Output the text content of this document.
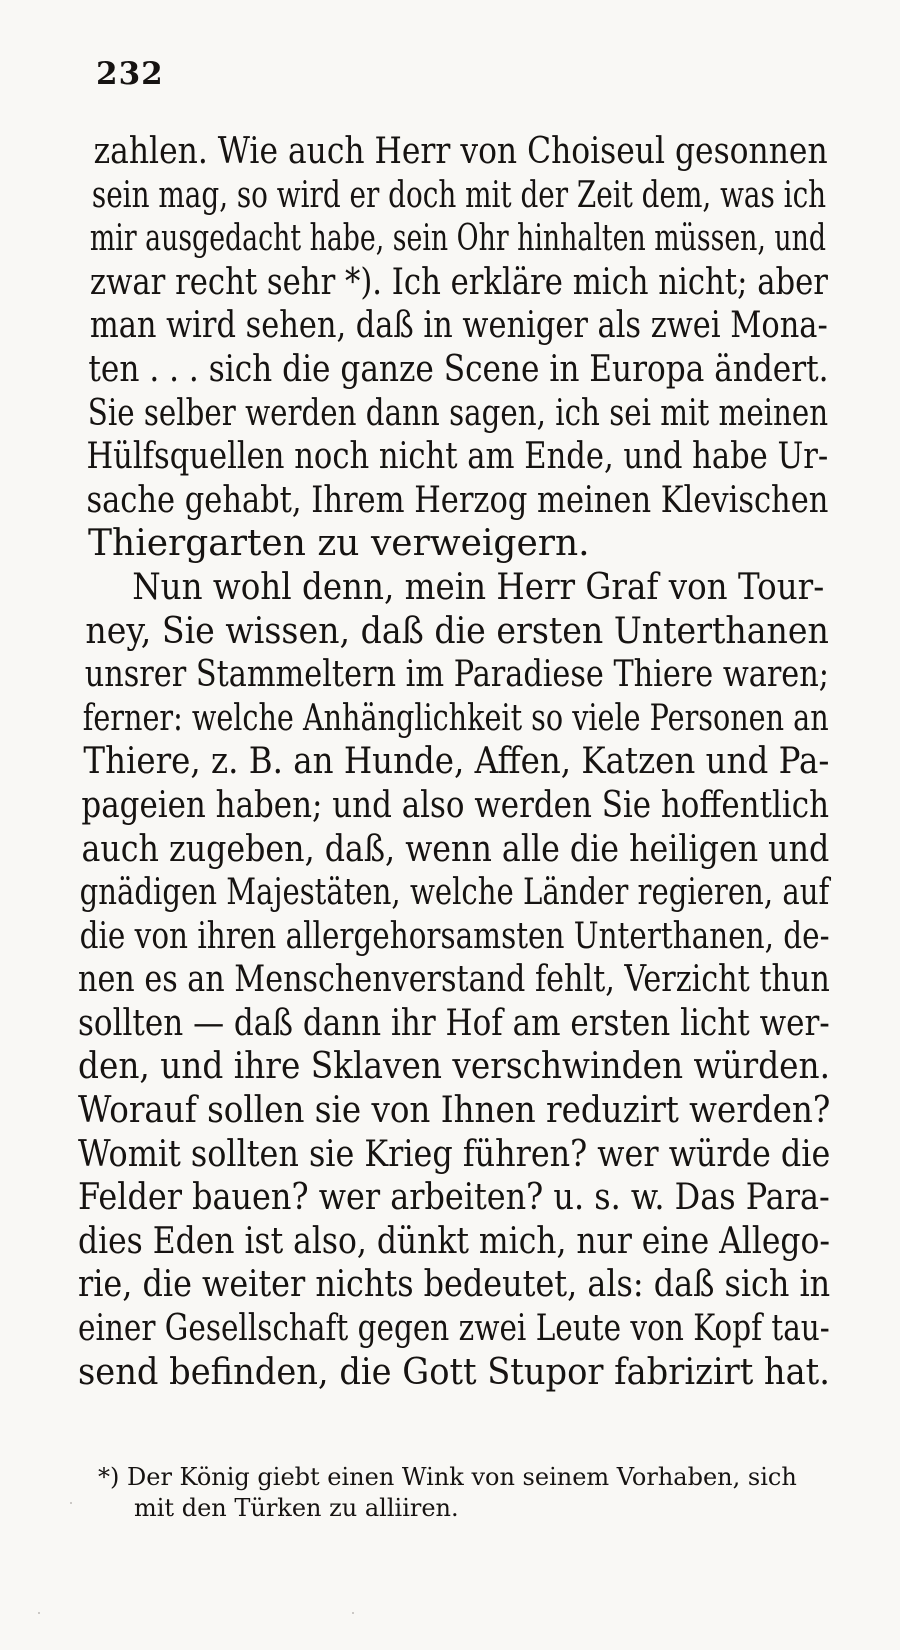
232
zahlen. Wie auch Herr von Choiseul gesonnen
sein mag, so wird er doch mit der Zeit dem, was ich
mir ausgedacht habe, sein Ohr hinhalten müssen, und
zwar recht sehr *). Ich erkläre mich nicht; aber
man wird sehen, daß in weniger als zwei Mona-
ten . . . sich die ganze Scene in Europa ändert.
Sie selber werden dann sagen, ich sei mit meinen
Hülfsquellen noch nicht am Ende, und habe Ur-
sache gehabt, Ihrem Herzog meinen Klevischen
Thiergarten zu verweigern.
Nun wohl denn, mein Herr Graf von Tour-
ney, Sie wissen, daß die ersten Unterthanen
unsrer Stammeltern im Paradiese Thiere waren;
ferner: welche Anhänglichkeit so viele Personen an
Thiere, z. B. an Hunde, Affen, Katzen und Pa-
pageien haben; und also werden Sie hoffentlich
auch zugeben, daß, wenn alle die heiligen und
gnädigen Majestäten, welche Länder regieren, auf
die von ihren allergehorsamsten Unterthanen, de-
nen es an Menschenverstand fehlt, Verzicht thun
sollten — daß dann ihr Hof am ersten licht wer-
den, und ihre Sklaven verschwinden würden.
Worauf sollen sie von Ihnen reduzirt werden?
Womit sollten sie Krieg führen? wer würde die
Felder bauen? wer arbeiten? u. s. w. Das Para-
dies Eden ist also, dünkt mich, nur eine Allego-
rie, die weiter nichts bedeutet, als: daß sich in
einer Gesellschaft gegen zwei Leute von Kopf tau-
send befinden, die Gott Stupor fabrizirt hat.
*) Der König giebt einen Wink von seinem Vorhaben, sich
mit den Türken zu alliiren.
